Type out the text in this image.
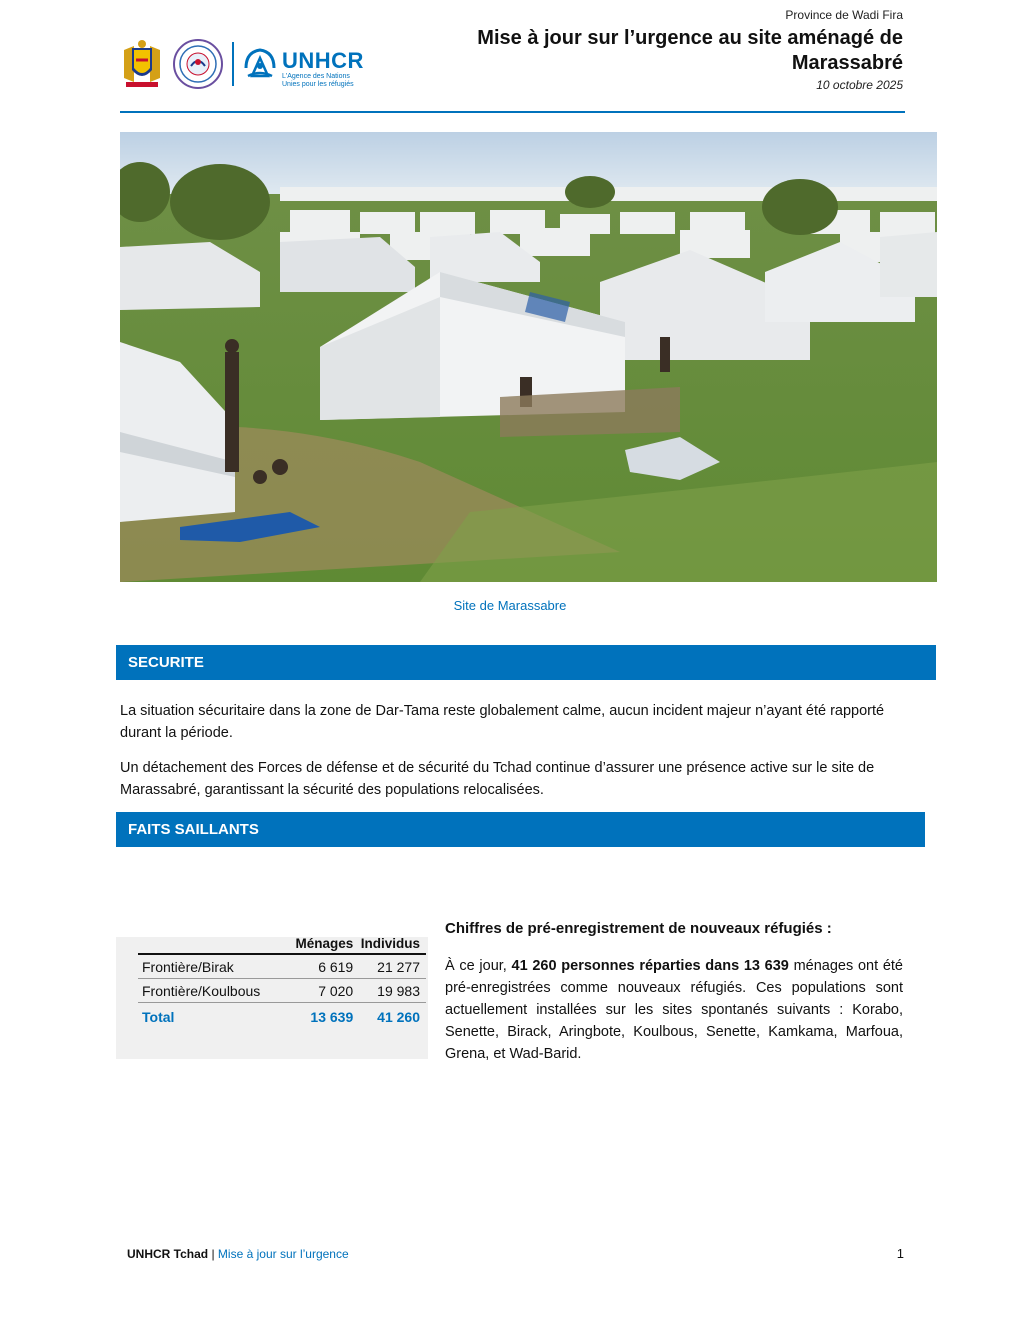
UNHCR
L'Agence des Nations
Unies pour les réfugiés
Province de Wadi Fira
Mise à jour sur l’urgence au site aménagé de
Marassabré
10 octobre 2025
Site de Marassabre
SECURITE
La situation sécuritaire dans la zone de Dar-Tama reste globalement calme, aucun incident majeur n’ayant été rapporté durant la période.
Un détachement des Forces de défense et de sécurité du Tchad continue d’assurer une présence active sur le site de Marassabré, garantissant la sécurité des populations relocalisées.
FAITS SAILLANTS
	Ménages	Individus
Frontière/Birak	6 619	21 277
Frontière/Koulbous	7 020	19 983
Total	13 639	41 260
Chiffres de pré-enregistrement de nouveaux réfugiés :
À ce jour, 41 260 personnes réparties dans 13 639 ménages ont été pré-enregistrées comme nouveaux réfugiés. Ces populations sont actuellement installées sur les sites spontanés suivants : Korabo, Senette, Birack, Aringbote, Koulbous, Senette, Kamkama, Marfoua, Grena, et Wad-Barid.
UNHCR Tchad | Mise à jour sur l’urgence	1
